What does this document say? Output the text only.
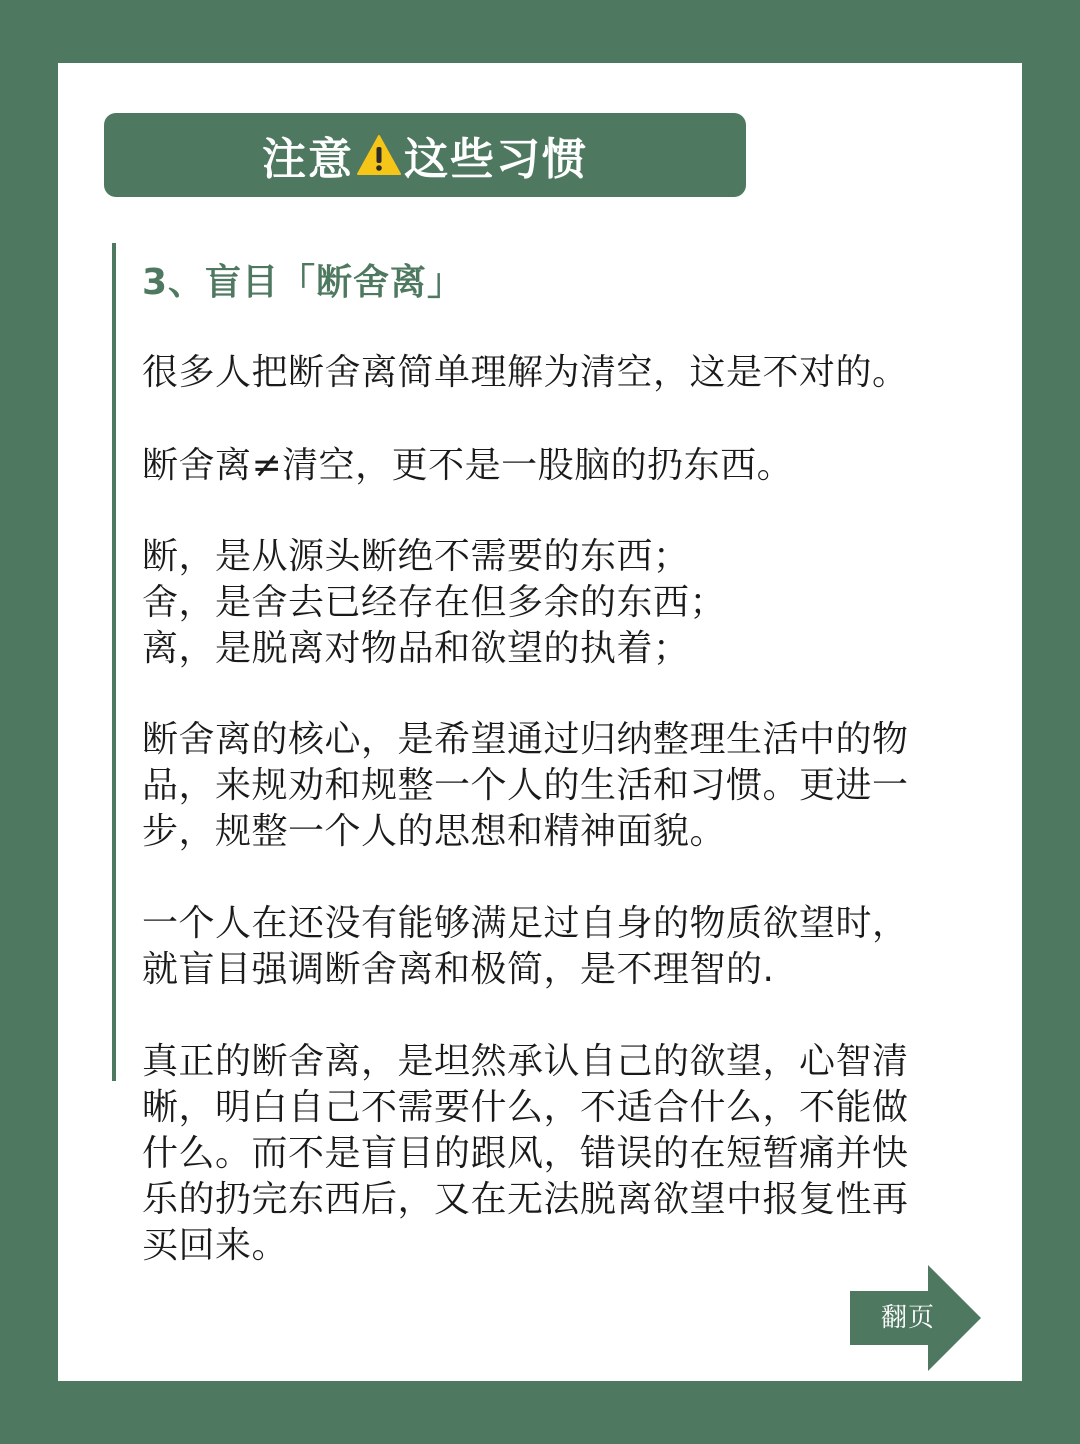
注意 这些习惯
3、盲目「断舍离」
很多人把断舍离简单理解为清空，这是不对的。
断舍离≠清空，更不是一股脑的扔东西。
断，是从源头断绝不需要的东西；
舍，是舍去已经存在但多余的东西；
离，是脱离对物品和欲望的执着；
断舍离的核心，是希望通过归纳整理生活中的物
品，来规劝和规整一个人的生活和习惯。更进一
步，规整一个人的思想和精神面貌。
一个人在还没有能够满足过自身的物质欲望时，
就盲目强调断舍离和极简，是不理智的.
真正的断舍离，是坦然承认自己的欲望，心智清
晰，明白自己不需要什么，不适合什么，不能做
什么。而不是盲目的跟风，错误的在短暂痛并快
乐的扔完东西后，又在无法脱离欲望中报复性再
买回来。
翻页
